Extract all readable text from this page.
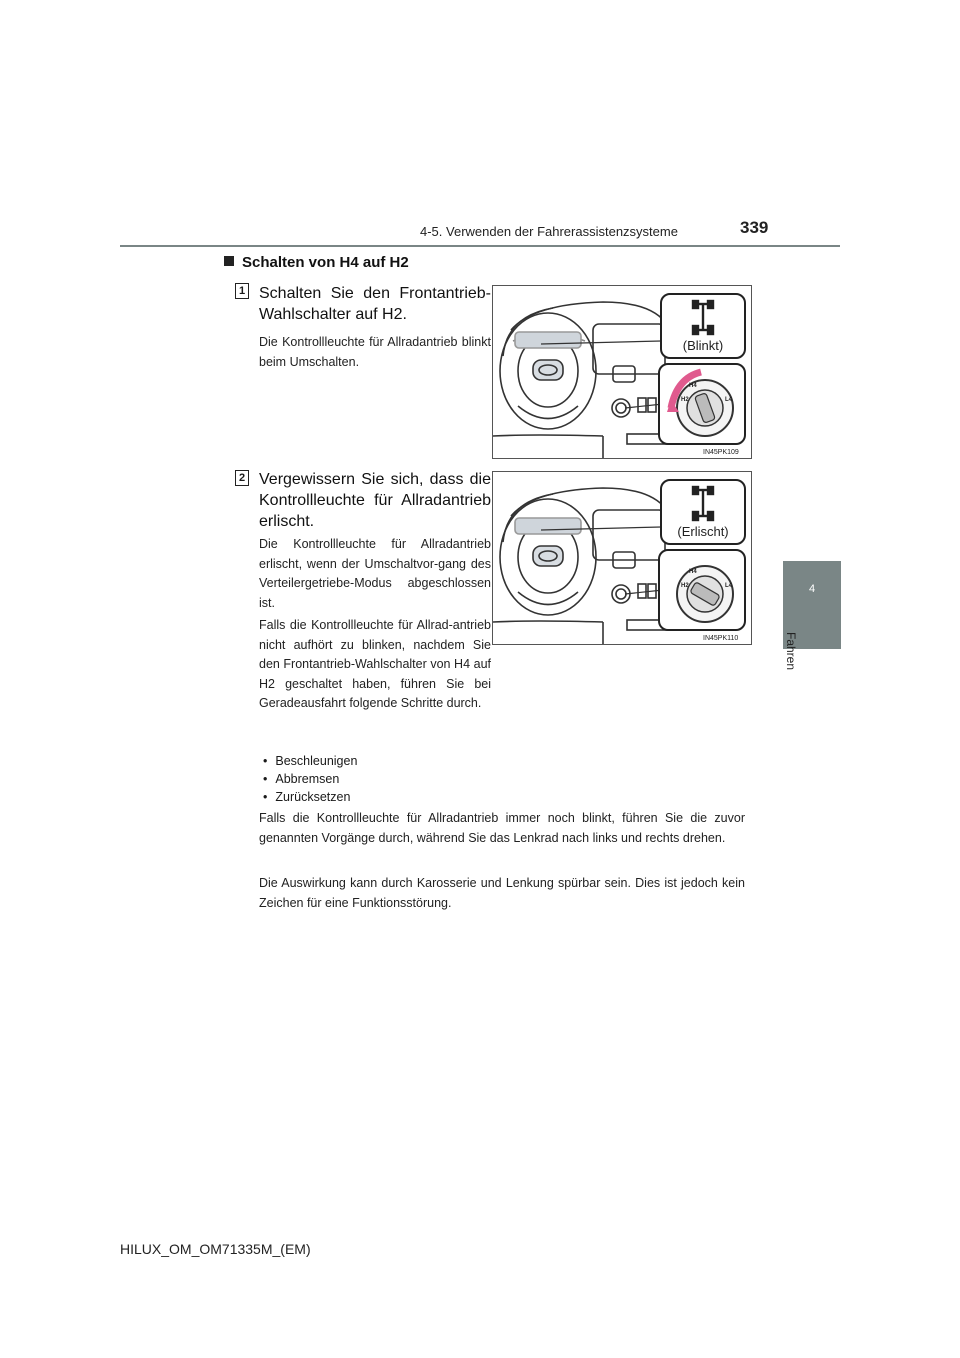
4-5. Verwenden der Fahrerassistenzsysteme	339
4
Fahren
Schalten von H4 auf H2
1 Schalten Sie den Frontantrieb-Wahlschalter auf H2.
Die Kontrollleuchte für Allradantrieb blinkt beim Umschalten.
(Blinkt)
H4
H2	L4
IN45PK109
2 Vergewissern Sie sich, dass die Kontrollleuchte für Allradantrieb erlischt.
Die Kontrollleuchte für Allradantrieb erlischt, wenn der Umschaltvor-gang des Verteilergetriebe-Modus abgeschlossen ist.
Falls die Kontrollleuchte für Allrad-antrieb nicht aufhört zu blinken, nachdem Sie den Frontantrieb-Wahlschalter von H4 auf H2 geschaltet haben, führen Sie bei Geradeausfahrt folgende Schritte durch.
• Beschleunigen
• Abbremsen
• Zurücksetzen
(Erlischt)
H4
H2	L4
IN45PK110
Falls die Kontrollleuchte für Allradantrieb immer noch blinkt, führen Sie die zuvor genannten Vorgänge durch, während Sie das Lenkrad nach links und rechts drehen.
Die Auswirkung kann durch Karosserie und Lenkung spürbar sein. Dies ist jedoch kein Zeichen für eine Funktionsstörung.
HILUX_OM_OM71335M_(EM)
